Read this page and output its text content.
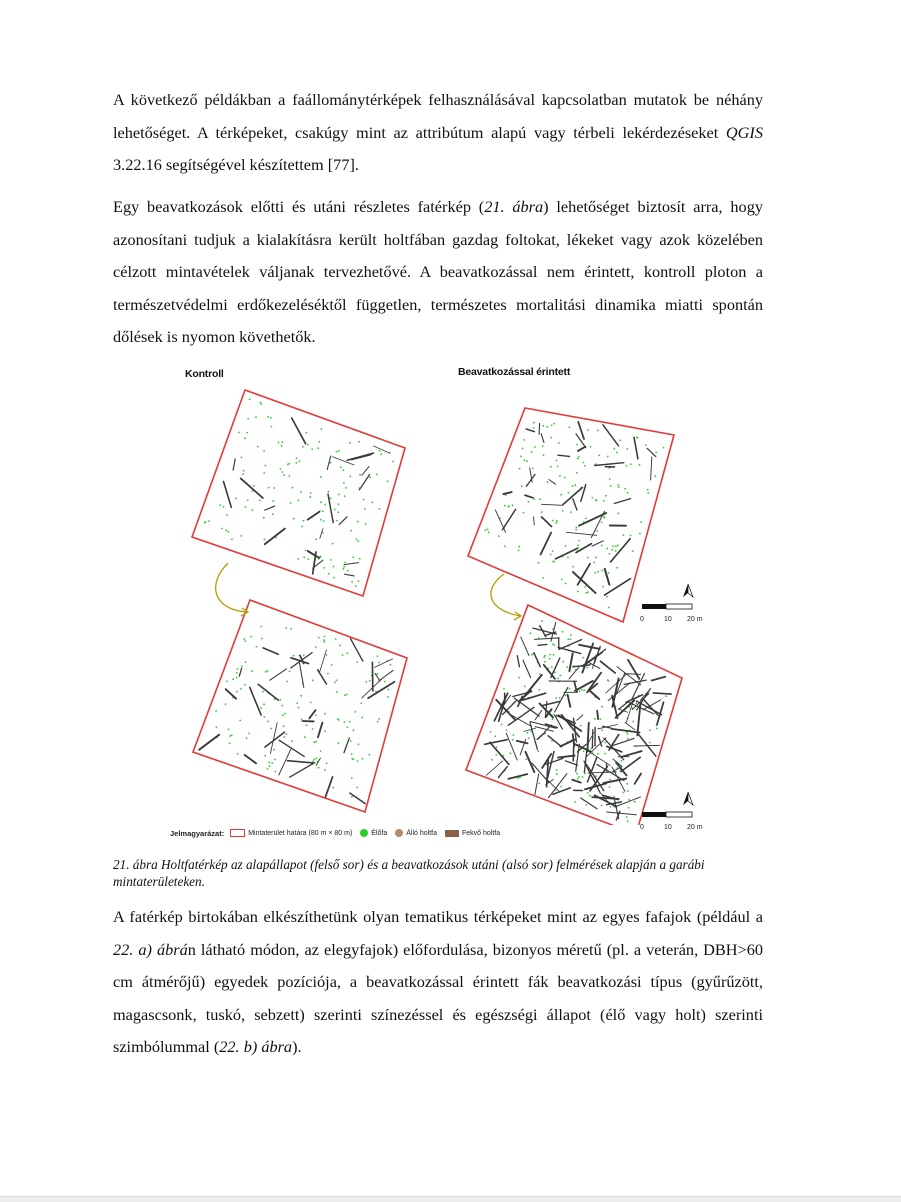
A következő példákban a faállománytérképek felhasználásával kapcsolatban mutatok be néhány lehetőséget. A térképeket, csakúgy mint az attribútum alapú vagy térbeli lekérdezéseket QGIS 3.22.16 segítségével készítettem [77].

Egy beavatkozások előtti és utáni részletes fatérkép (21. ábra) lehetőséget biztosít arra, hogy azonosítani tudjuk a kialakításra került holtfában gazdag foltokat, lékeket vagy azok közelében célzott mintavételek váljanak tervezhetővé. A beavatkozással nem érintett, kontroll ploton a természetvédelmi erdőkezeléséktől független, természetes mortalitási dinamika miatti spontán dőlések is nyomon követhetők.

Kontroll	Beavatkozással érintett
0	10 20 m
0	10 20 m
Jelmagyarázat:	Mintaterület határa (80 m × 80 m)	Élőfa	Álló holtfa	Fekvő holtfa

21. ábra Holtfatérkép az alapállapot (felső sor) és a beavatkozások utáni (alsó sor) felmérések alapján a garábi mintaterületeken.

A fatérkép birtokában elkészíthetünk olyan tematikus térképeket mint az egyes fafajok (például a 22. a) ábrán látható módon, az elegyfajok) előfordulása, bizonyos méretű (pl. a veterán, DBH>60 cm átmérőjű) egyedek pozíciója, a beavatkozással érintett fák beavatkozási típus (gyűrűzött, magascsonk, tuskó, sebzett) szerinti színezéssel és egészségi állapot (élő vagy holt) szerinti szimbólummal (22. b) ábra).
